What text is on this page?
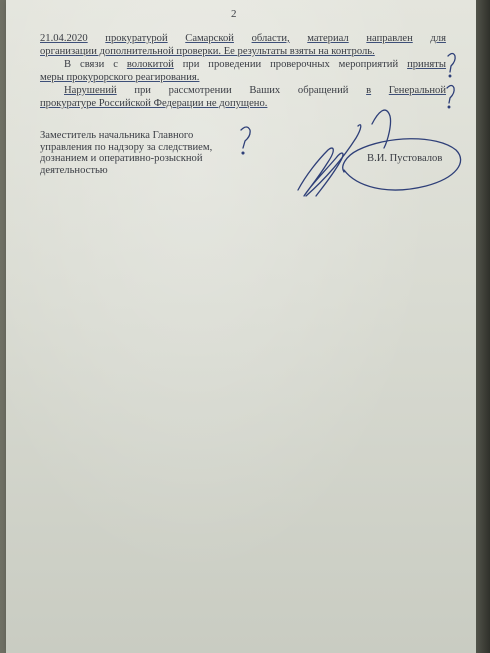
2
21.04.2020 прокуратурой Самарской области, материал направлен для
организации дополнительной проверки. Ее результаты взяты на контроль.
В связи с волокитой при проведении проверочных мероприятий приняты
меры прокурорского реагирования.
Нарушений при рассмотрении Ваших обращений в Генеральной
прокуратуре Российской Федерации не допущено.
Заместитель начальника Главного
управления по надзору за следствием,
дознанием и оперативно-розыскной
деятельностью
В.И. Пустовалов
